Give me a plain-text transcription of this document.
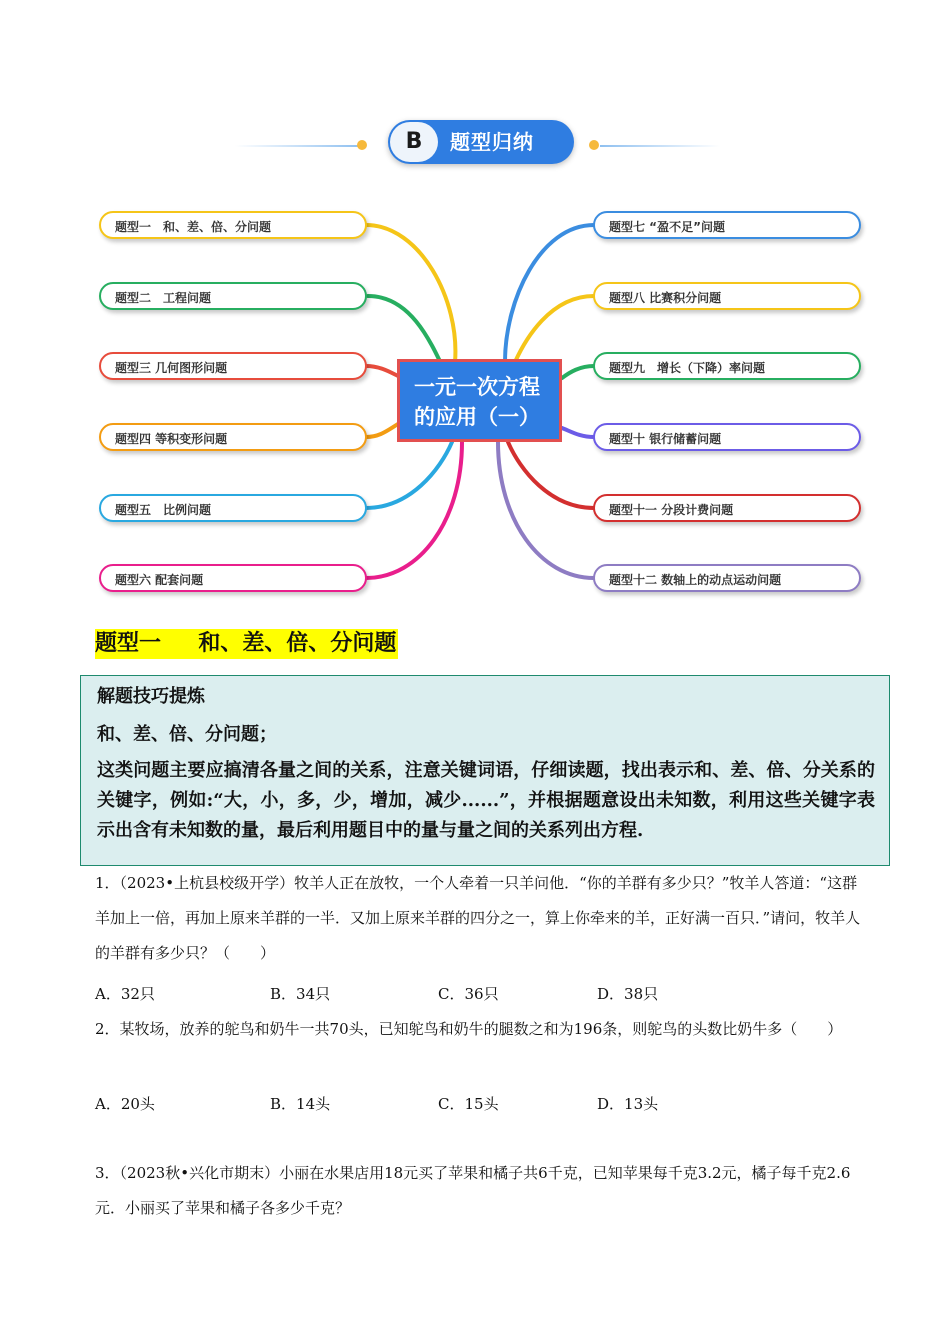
B	题型归纳
题型一　和、差、倍、分问题
题型二　工程问题
题型三 几何图形问题
题型四 等积变形问题
题型五　比例问题
题型六 配套问题
一元一次方程
的应用（一）
题型七 “盈不足”问题
题型八 比赛积分问题
题型九　增长（下降）率问题
题型十 银行储蓄问题
题型十一 分段计费问题
题型十二 数轴上的动点运动问题
题型一 　 和、差、倍、分问题
解题技巧提炼
和、差、倍、分问题；
这类问题主要应搞清各量之间的关系，注意关键词语，仔细读题，找出表示和、差、倍、分关系的关键字，例如:“大，小，多，少，增加，减少......”，并根据题意设出未知数，利用这些关键字表示出含有未知数的量，最后利用题目中的量与量之间的关系列出方程.
1．（2023•上杭县校级开学）牧羊人正在放牧，一个人牵着一只羊问他．“你的羊群有多少只？”牧羊人答道：“这群羊加上一倍，再加上原来羊群的一半．又加上原来羊群的四分之一，算上你牵来的羊，正好满一百只．”请问，牧羊人的羊群有多少只？（　　）
A．32只	B．34只	C．36只	D．38只
2．某牧场，放养的鸵鸟和奶牛一共70头，已知鸵鸟和奶牛的腿数之和为196条，则鸵鸟的头数比奶牛多（　　）
A．20头	B．14头	C．15头	D．13头
3．（2023秋•兴化市期末）小丽在水果店用18元买了苹果和橘子共6千克，已知苹果每千克3.2元，橘子每千克2.6元．小丽买了苹果和橘子各多少千克？
